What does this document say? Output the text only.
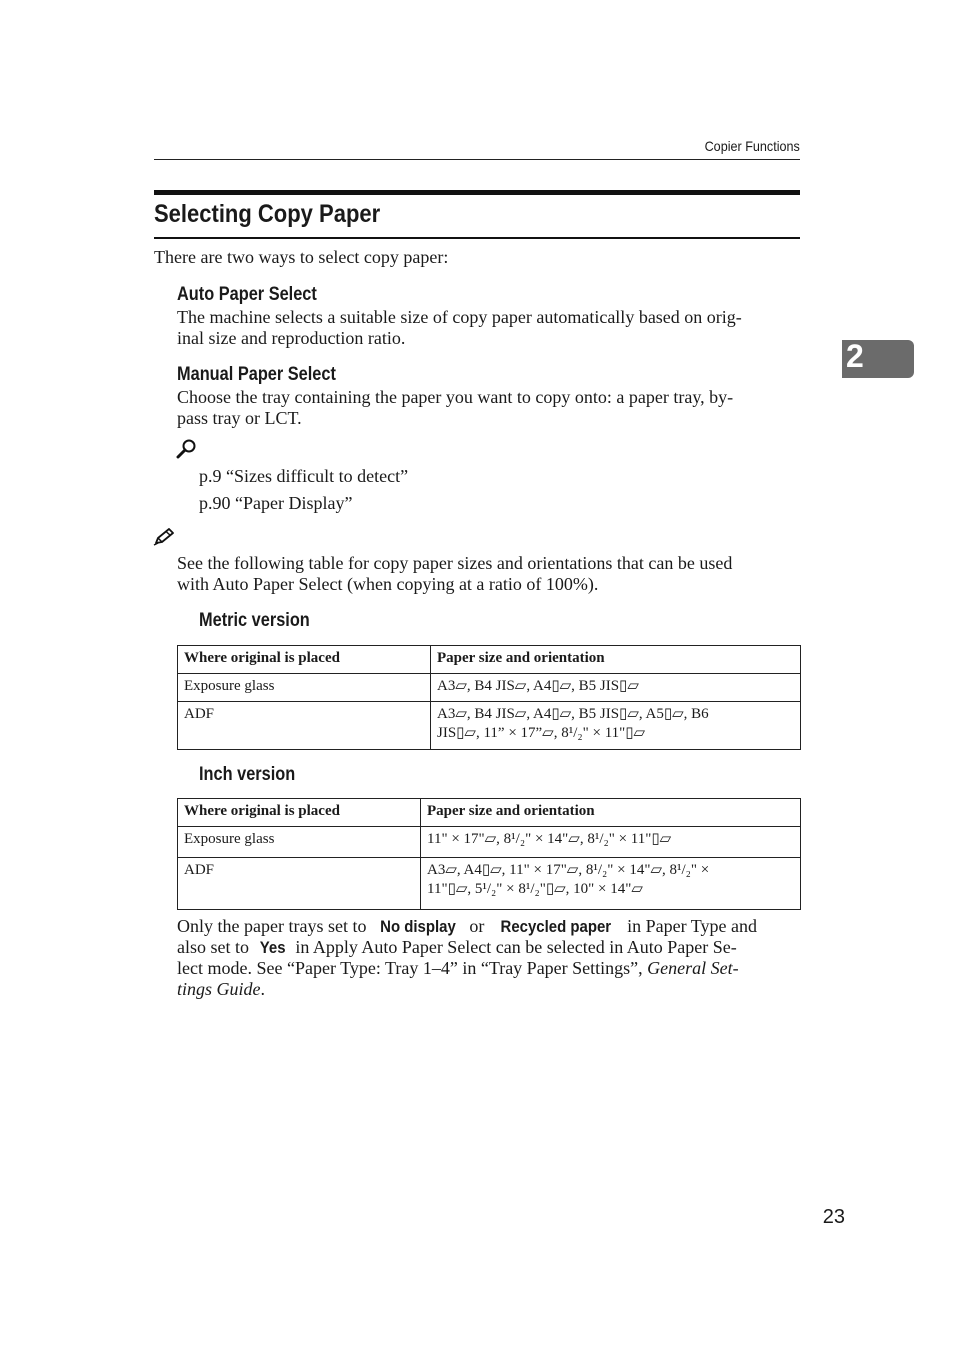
Copier Functions
2
Selecting Copy Paper
There are two ways to select copy paper:
Auto Paper Select
The machine selects a suitable size of copy paper automatically based on orig-
inal size and reproduction ratio.
Manual Paper Select
Choose the tray containing the paper you want to copy onto: a paper tray, by-
pass tray or LCT.
p.9 “Sizes difficult to detect”
p.90 “Paper Display”
See the following table for copy paper sizes and orientations that can be used
with Auto Paper Select (when copying at a ratio of 100%).
Metric version
Where original is placed	Paper size and orientation
Exposure glass	A3▱, B4 JIS▱, A4▯▱, B5 JIS▯▱
ADF	A3▱, B4 JIS▱, A4▯▱, B5 JIS▯▱, A5▯▱, B6
JIS▯▱, 11” × 17”▱, 8¹/₂" × 11"▯▱
Inch version
Where original is placed	Paper size and orientation
Exposure glass	11" × 17"▱, 8¹/₂" × 14"▱, 8¹/₂" × 11"▯▱
ADF	A3▱, A4▯▱, 11" × 17"▱, 8¹/₂" × 14"▱, 8¹/₂" ×
11"▯▱, 5¹/₂" × 8¹/₂"▯▱, 10" × 14"▱
Only the paper trays set to No display or Recycled paper in Paper Type and
also set to Yes in Apply Auto Paper Select can be selected in Auto Paper Se-
lect mode. See “Paper Type: Tray 1–4” in “Tray Paper Settings”, General Set-
tings Guide.
23
